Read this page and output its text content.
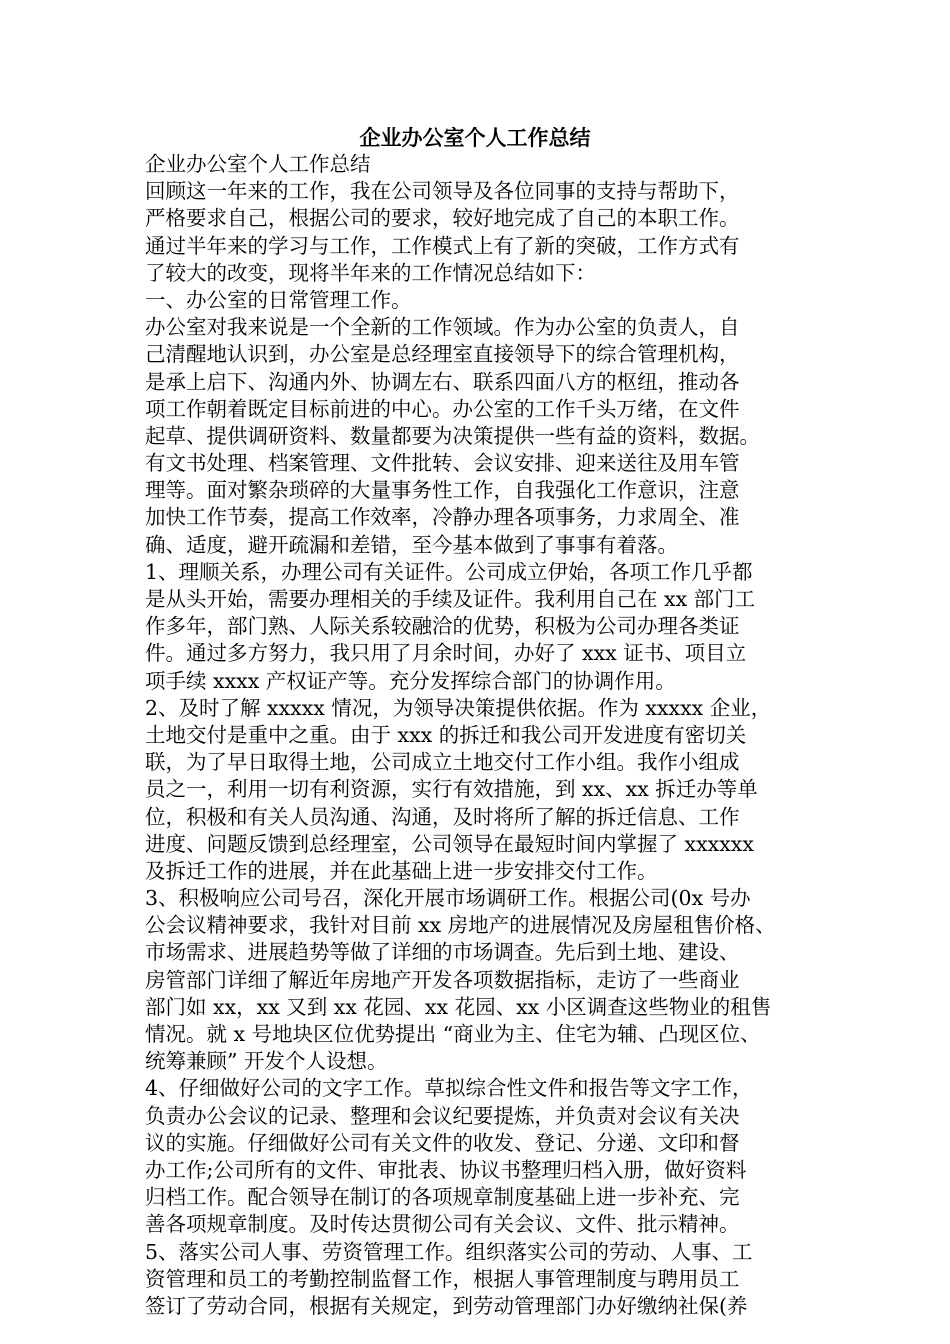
企业办公室个人工作总结
企业办公室个人工作总结
回顾这一年来的工作，我在公司领导及各位同事的支持与帮助下，
严格要求自己，根据公司的要求，较好地完成了自己的本职工作。
通过半年来的学习与工作，工作模式上有了新的突破，工作方式有
了较大的改变，现将半年来的工作情况总结如下：
一、办公室的日常管理工作。
办公室对我来说是一个全新的工作领域。作为办公室的负责人，自
己清醒地认识到，办公室是总经理室直接领导下的综合管理机构，
是承上启下、沟通内外、协调左右、联系四面八方的枢纽，推动各
项工作朝着既定目标前进的中心。办公室的工作千头万绪，在文件
起草、提供调研资料、数量都要为决策提供一些有益的资料，数据。
有文书处理、档案管理、文件批转、会议安排、迎来送往及用车管
理等。面对繁杂琐碎的大量事务性工作，自我强化工作意识，注意
加快工作节奏，提高工作效率，冷静办理各项事务，力求周全、准
确、适度，避开疏漏和差错，至今基本做到了事事有着落。
1、理顺关系，办理公司有关证件。公司成立伊始，各项工作几乎都
是从头开始，需要办理相关的手续及证件。我利用自己在 xx 部门工
作多年，部门熟、人际关系较融洽的优势，积极为公司办理各类证
件。通过多方努力，我只用了月余时间，办好了 xxx 证书、项目立
项手续 xxxx 产权证产等。充分发挥综合部门的协调作用。
2、及时了解 xxxxx 情况，为领导决策提供依据。作为 xxxxx 企业，
土地交付是重中之重。由于 xxx 的拆迁和我公司开发进度有密切关
联，为了早日取得土地，公司成立土地交付工作小组。我作小组成
员之一，利用一切有利资源，实行有效措施，到 xx、xx 拆迁办等单
位，积极和有关人员沟通、沟通，及时将所了解的拆迁信息、工作
进度、问题反馈到总经理室，公司领导在最短时间内掌握了 xxxxxx
及拆迁工作的进展，并在此基础上进一步安排交付工作。
3、积极响应公司号召，深化开展市场调研工作。根据公司(0x 号办
公会议精神要求，我针对目前 xx 房地产的进展情况及房屋租售价格、
市场需求、进展趋势等做了详细的市场调查。先后到土地、建设、
房管部门详细了解近年房地产开发各项数据指标，走访了一些商业
部门如 xx，xx 又到 xx 花园、xx 花园、xx 小区调查这些物业的租售
情况。就 x 号地块区位优势提出 “商业为主、住宅为辅、凸现区位、
统筹兼顾” 开发个人设想。
4、仔细做好公司的文字工作。草拟综合性文件和报告等文字工作，
负责办公会议的记录、整理和会议纪要提炼，并负责对会议有关决
议的实施。仔细做好公司有关文件的收发、登记、分递、文印和督
办工作;公司所有的文件、审批表、协议书整理归档入册，做好资料
归档工作。配合领导在制订的各项规章制度基础上进一步补充、完
善各项规章制度。及时传达贯彻公司有关会议、文件、批示精神。
5、落实公司人事、劳资管理工作。组织落实公司的劳动、人事、工
资管理和员工的考勤控制监督工作，根据人事管理制度与聘用员工
签订了劳动合同，根据有关规定，到劳动管理部门办好缴纳社保(养
